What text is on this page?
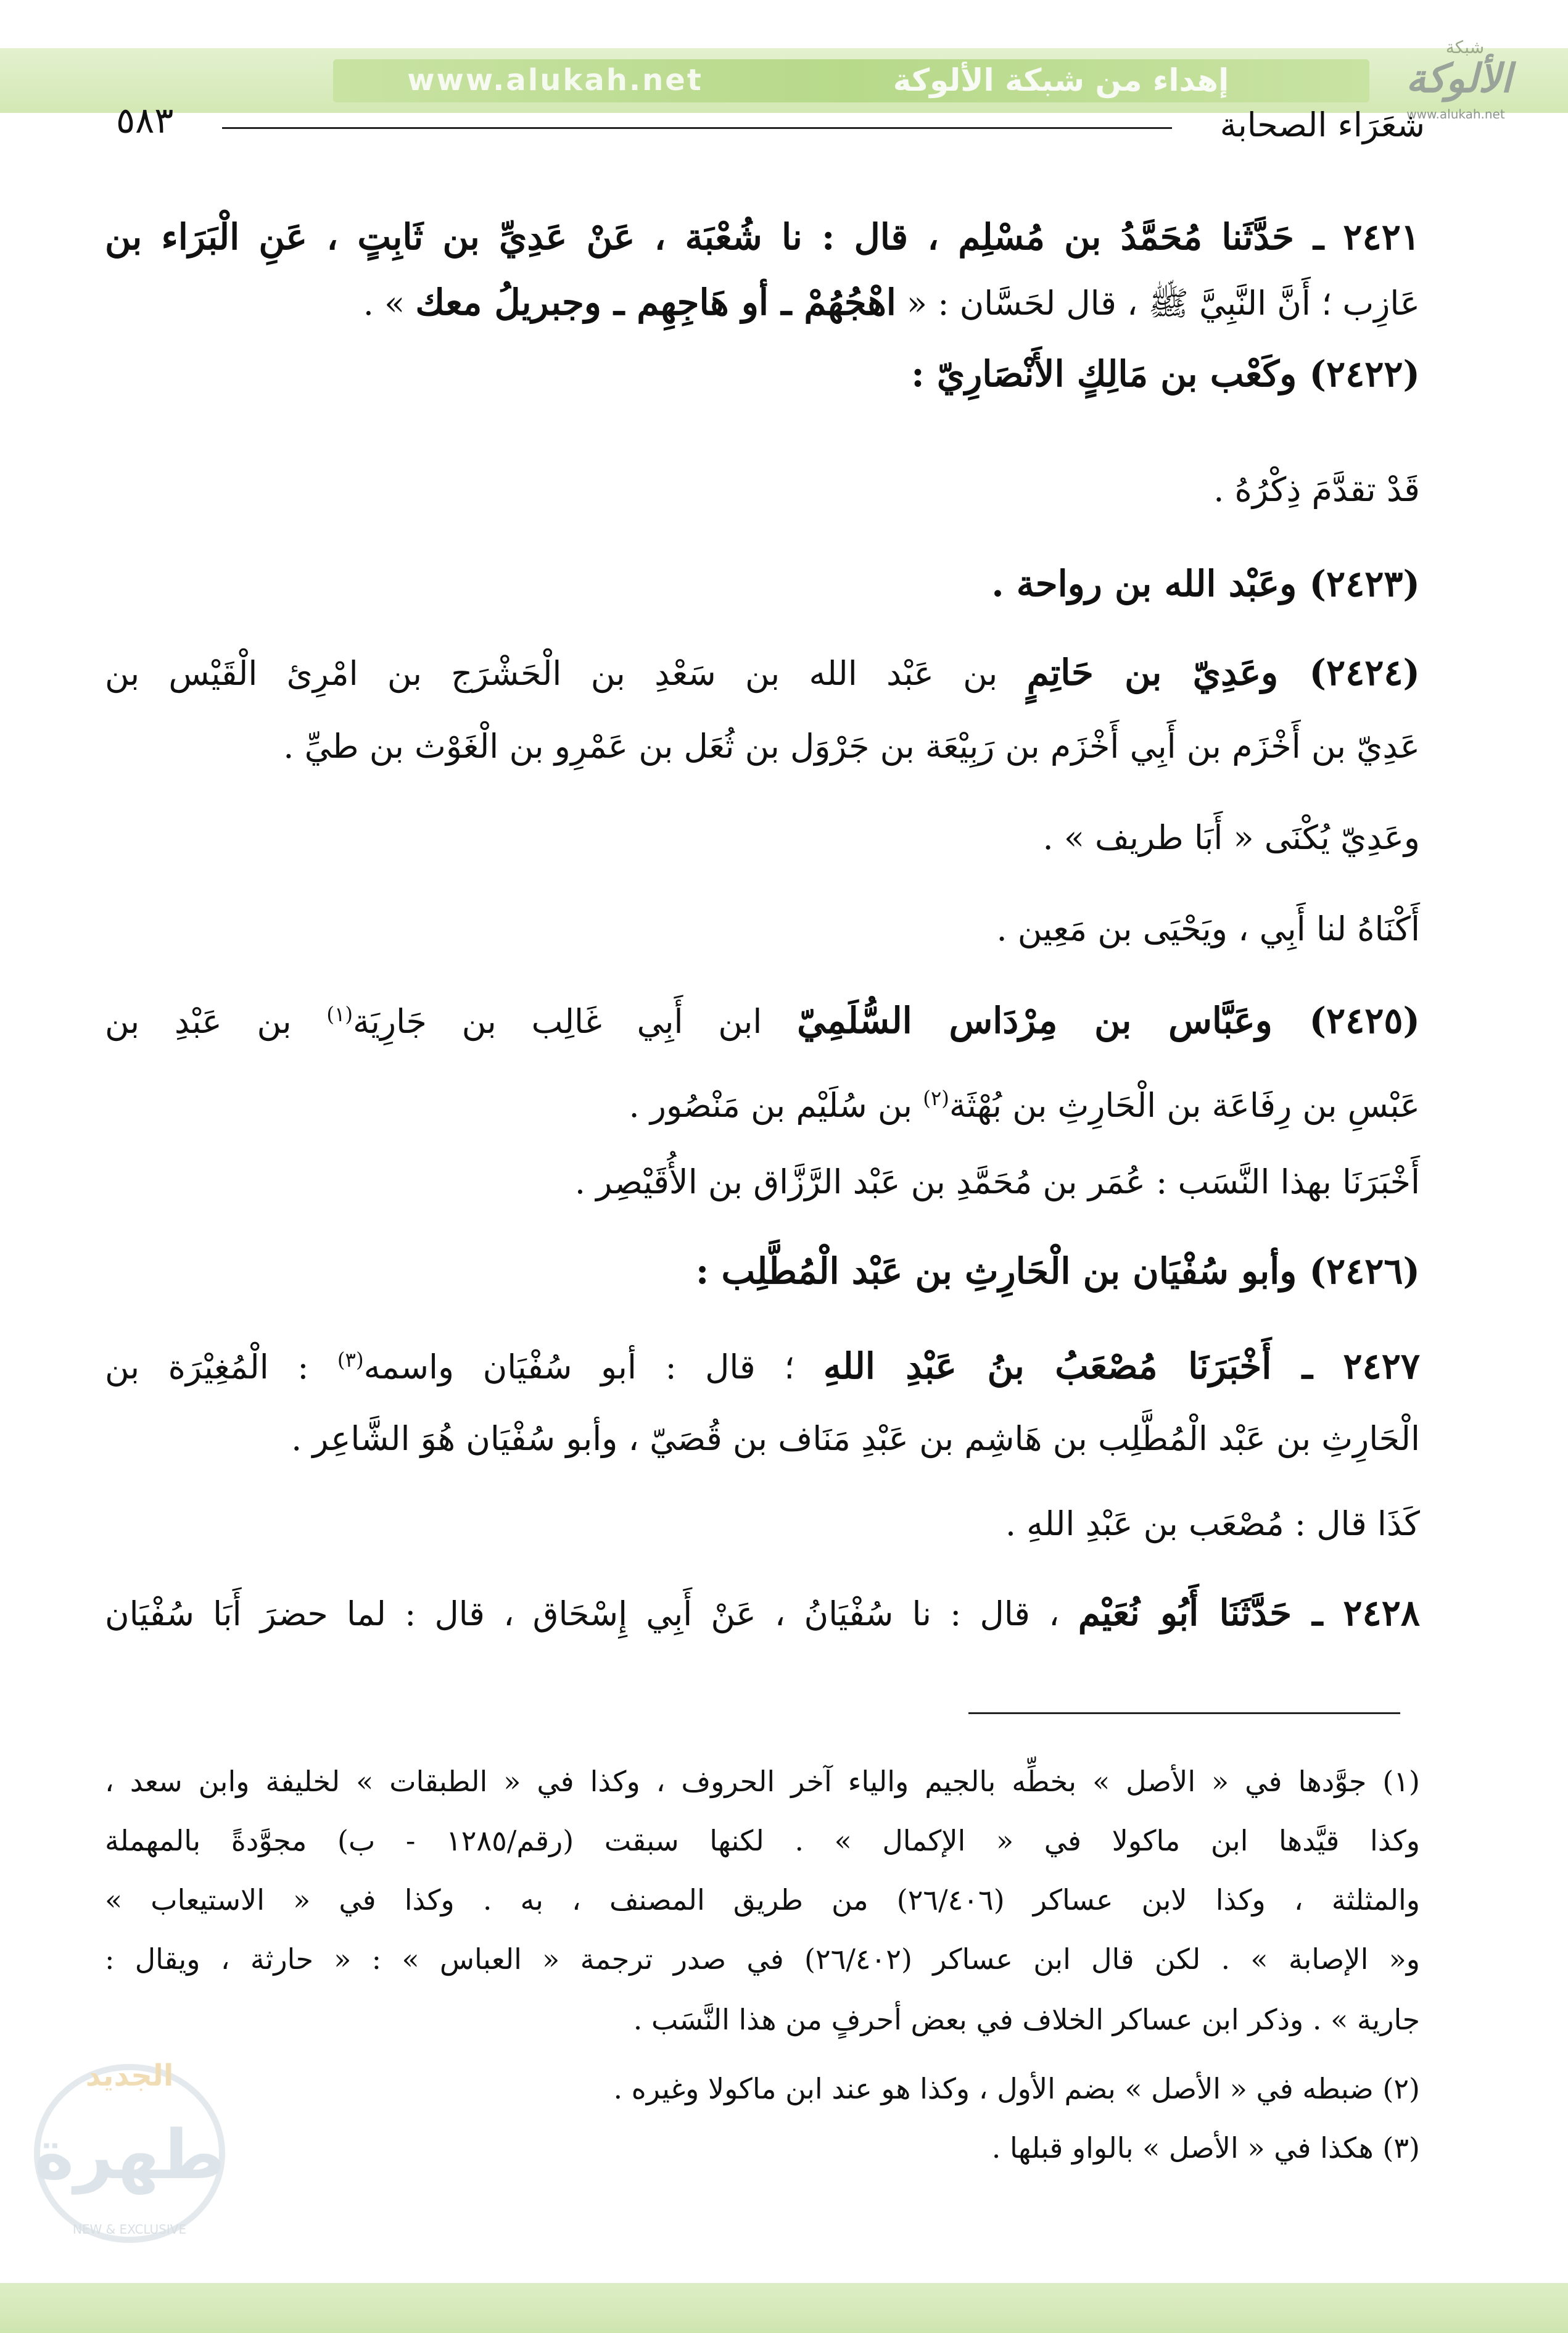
www.alukah.net	إهداء من شبكة الألوكة
شبكة
الألوكة
www.alukah.net
٥٨٣	شعَرَاء الصحابة
٢٤٢١ ـ حَدَّثَنا مُحَمَّدُ بن مُسْلِم ، قال : نا شُعْبَة ، عَنْ عَدِيِّ بن ثَابِتٍ ، عَنِ الْبَرَاء بن
عَازِب ؛ أَنَّ النَّبِيَّ ﷺ ، قال لحَسَّان : « اهْجُهُمْ ـ أو هَاجِهِم ـ وجبريلُ معك » .
(٢٤٢٢) وكَعْب بن مَالِكٍ الأَنْصَارِيّ :
قَدْ تقدَّمَ ذِكْرُهُ .
(٢٤٢٣) وعَبْد الله بن رواحة .
(٢٤٢٤) وعَدِيّ بن حَاتِمٍ بن عَبْد الله بن سَعْدِ بن الْحَشْرَج بن امْرِئ الْقَيْس بن
عَدِيّ بن أَخْزَم بن أَبِي أَخْزَم بن رَبِيْعَة بن جَرْوَل بن ثُعَل بن عَمْرِو بن الْغَوْث بن طيِّ .
وعَدِيّ يُكْنَى « أَبَا طريف » .
أَكْنَاهُ لنا أَبِي ، ويَحْيَى بن مَعِين .
(٢٤٢٥) وعَبَّاس بن مِرْدَاس السُّلَمِيّ ابن أَبِي غَالِب بن جَارِيَة$^{(١)}$ بن عَبْدِ بن
عَبْسِ بن رِفَاعَة بن الْحَارِثِ بن بُهْثَة$^{(٢)}$ بن سُلَيْم بن مَنْصُور .
أَخْبَرَنَا بهذا النَّسَب : عُمَر بن مُحَمَّدِ بن عَبْد الرَّزَّاق بن الأُقَيْصِر .
(٢٤٢٦) وأبو سُفْيَان بن الْحَارِثِ بن عَبْد الْمُطَّلِب :
٢٤٢٧ ـ أَخْبَرَنَا مُصْعَبُ بنُ عَبْدِ اللهِ ؛ قال : أبو سُفْيَان واسمه$^{(٣)}$ : الْمُغِيْرَة بن
الْحَارِثِ بن عَبْد الْمُطَّلِب بن هَاشِم بن عَبْدِ مَنَاف بن قُصَيّ ، وأبو سُفْيَان هُوَ الشَّاعِر .
كَذَا قال : مُصْعَب بن عَبْدِ اللهِ .
٢٤٢٨ ـ حَدَّثَنَا أَبُو نُعَيْم ، قال : نا سُفْيَانُ ، عَنْ أَبِي إِسْحَاق ، قال : لما حضرَ أَبَا سُفْيَان
(١) جوَّدها في « الأصل » بخطِّه بالجيم والياء آخر الحروف ، وكذا في « الطبقات » لخليفة وابن سعد ،
وكذا قيَّدها ابن ماكولا في « الإكمال » . لكنها سبقت (رقم/١٢٨٥ - ب) مجوَّدةً بالمهملة
والمثلثة ، وكذا لابن عساكر (٢٦/٤٠٦) من طريق المصنف ، به . وكذا في « الاستيعاب »
و« الإصابة » . لكن قال ابن عساكر (٢٦/٤٠٢) في صدر ترجمة « العباس » : « حارثة ، ويقال :
جارية » . وذكر ابن عساكر الخلاف في بعض أحرفٍ من هذا النَّسَب .
(٢) ضبطه في « الأصل » بضم الأول ، وكذا هو عند ابن ماكولا وغيره .
(٣) هكذا في « الأصل » بالواو قبلها .
الجديد
طهرة
NEW & EXCLUSIVE
